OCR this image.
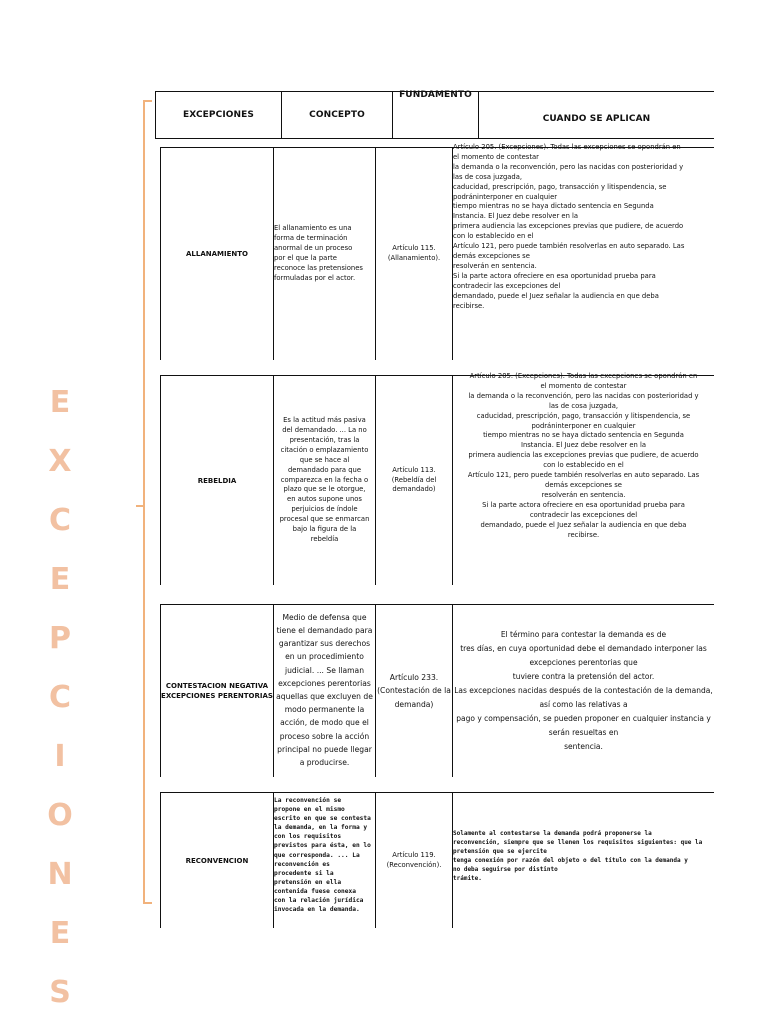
E
X
C
E
P
C
I
O
N
E
S
EXCEPCIONES	CONCEPTO
FUNDAMENTO
CUANDO SE APLICAN
ALLANAMIENTO
El allanamiento es una
forma de terminación
anormal de un proceso
por el que la parte
reconoce las pretensiones
formuladas por el actor.
Artículo 115.
(Allanamiento).
Artículo 205. (Excepciones). Todas las excepciones se opondrán en
el momento de contestar
la demanda o la reconvención, pero las nacidas con posterioridad y
las de cosa juzgada,
caducidad, prescripción, pago, transacción y litispendencia, se
podráninterponer en cualquier
tiempo mientras no se haya dictado sentencia en Segunda
Instancia. El Juez debe resolver en la
primera audiencia las excepciones previas que pudiere, de acuerdo
con lo establecido en el
Artículo 121, pero puede también resolverlas en auto separado. Las
demás excepciones se
resolverán en sentencia.
Si la parte actora ofreciere en esa oportunidad prueba para
contradecir las excepciones del
demandado, puede el Juez señalar la audiencia en que deba
recibirse.
REBELDIA
Es la actitud más pasiva
del demandado. ... La no
presentación, tras la
citación o emplazamiento
que se hace al
demandado para que
comparezca en la fecha o
plazo que se le otorgue,
en autos supone unos
perjuicios de índole
procesal que se enmarcan
bajo la figura de la
rebeldía
Artículo 113.
(Rebeldía del
demandado)
Artículo 205. (Excepciones). Todas las excepciones se opondrán en
el momento de contestar
la demanda o la reconvención, pero las nacidas con posterioridad y
las de cosa juzgada,
caducidad, prescripción, pago, transacción y litispendencia, se
podráninterponer en cualquier
tiempo mientras no se haya dictado sentencia en Segunda
Instancia. El Juez debe resolver en la
primera audiencia las excepciones previas que pudiere, de acuerdo
con lo establecido en el
Artículo 121, pero puede también resolverlas en auto separado. Las
demás excepciones se
resolverán en sentencia.
Si la parte actora ofreciere en esa oportunidad prueba para
contradecir las excepciones del
demandado, puede el Juez señalar la audiencia en que deba
recibirse.
CONTESTACION NEGATIVA
EXCEPCIONES PERENTORIAS
Medio de defensa que
tiene el demandado para
garantizar sus derechos
en un procedimiento
judicial. ... Se llaman
excepciones perentorias
aquellas que excluyen de
modo permanente la
acción, de modo que el
proceso sobre la acción
principal no puede llegar
a producirse.
Artículo 233.
(Contestación de la
demanda)
El término para contestar la demanda es de
tres días, en cuya oportunidad debe el demandado interponer las
excepciones perentorias que
tuviere contra la pretensión del actor.
Las excepciones nacidas después de la contestación de la demanda,
así como las relativas a
pago y compensación, se pueden proponer en cualquier instancia y
serán resueltas en
sentencia.
RECONVENCION
La reconvención se
propone en el mismo
escrito en que se contesta
la demanda, en la forma y
con los requisitos
previstos para ésta, en lo
que corresponda. ... La
reconvención es
procedente si la
pretensión en ella
contenida fuese conexa
con la relación jurídica
invocada en la demanda.
Artículo 119.
(Reconvención).
Solamente al contestarse la demanda podrá proponerse la
reconvención, siempre que se llenen los requisitos siguientes: que la
pretensión que se ejercite
tenga conexión por razón del objeto o del título con la demanda y
no deba seguirse por distinto
trámite.
